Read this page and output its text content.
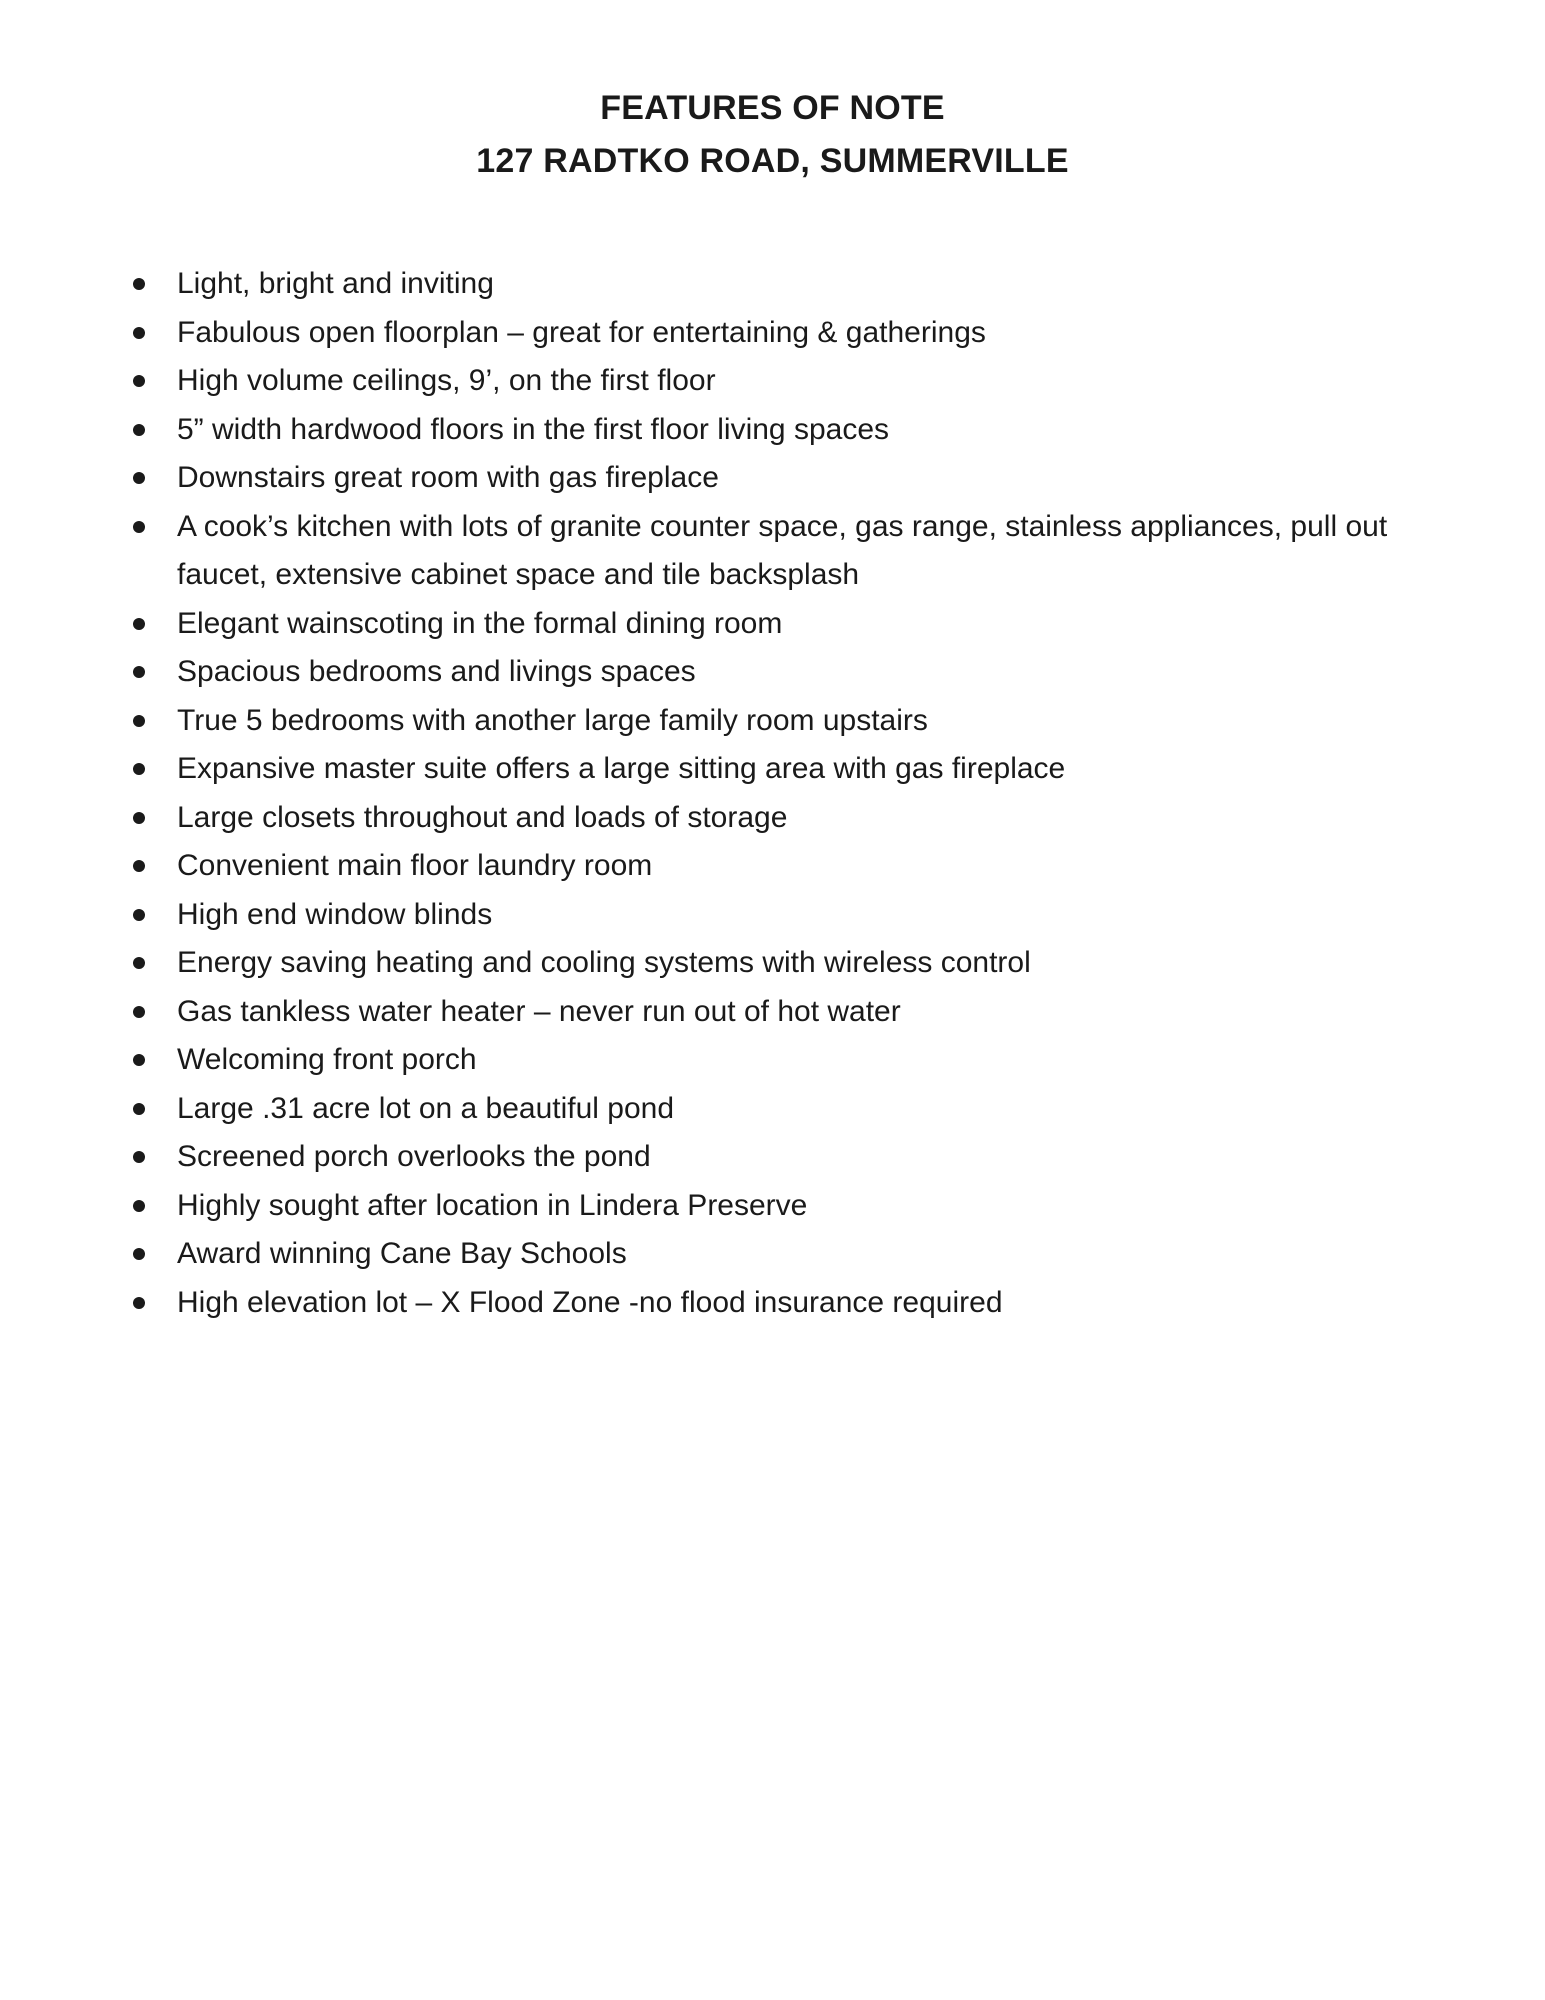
FEATURES OF NOTE
127 RADTKO ROAD, SUMMERVILLE
Light, bright and inviting
Fabulous open floorplan – great for entertaining & gatherings
High volume ceilings, 9’, on the first floor
5” width hardwood floors in the first floor living spaces
Downstairs great room with gas fireplace
A cook’s kitchen with lots of granite counter space, gas range, stainless appliances, pull out faucet, extensive cabinet space and tile backsplash
Elegant wainscoting in the formal dining room
Spacious bedrooms and livings spaces
True 5 bedrooms with another large family room upstairs
Expansive master suite offers a large sitting area with gas fireplace
Large closets throughout and loads of storage
Convenient main floor laundry room
High end window blinds
Energy saving heating and cooling systems with wireless control
Gas tankless water heater – never run out of hot water
Welcoming front porch
Large .31 acre lot on a beautiful pond
Screened porch overlooks the pond
Highly sought after location in Lindera Preserve
Award winning Cane Bay Schools
High elevation lot – X Flood Zone -no flood insurance required
